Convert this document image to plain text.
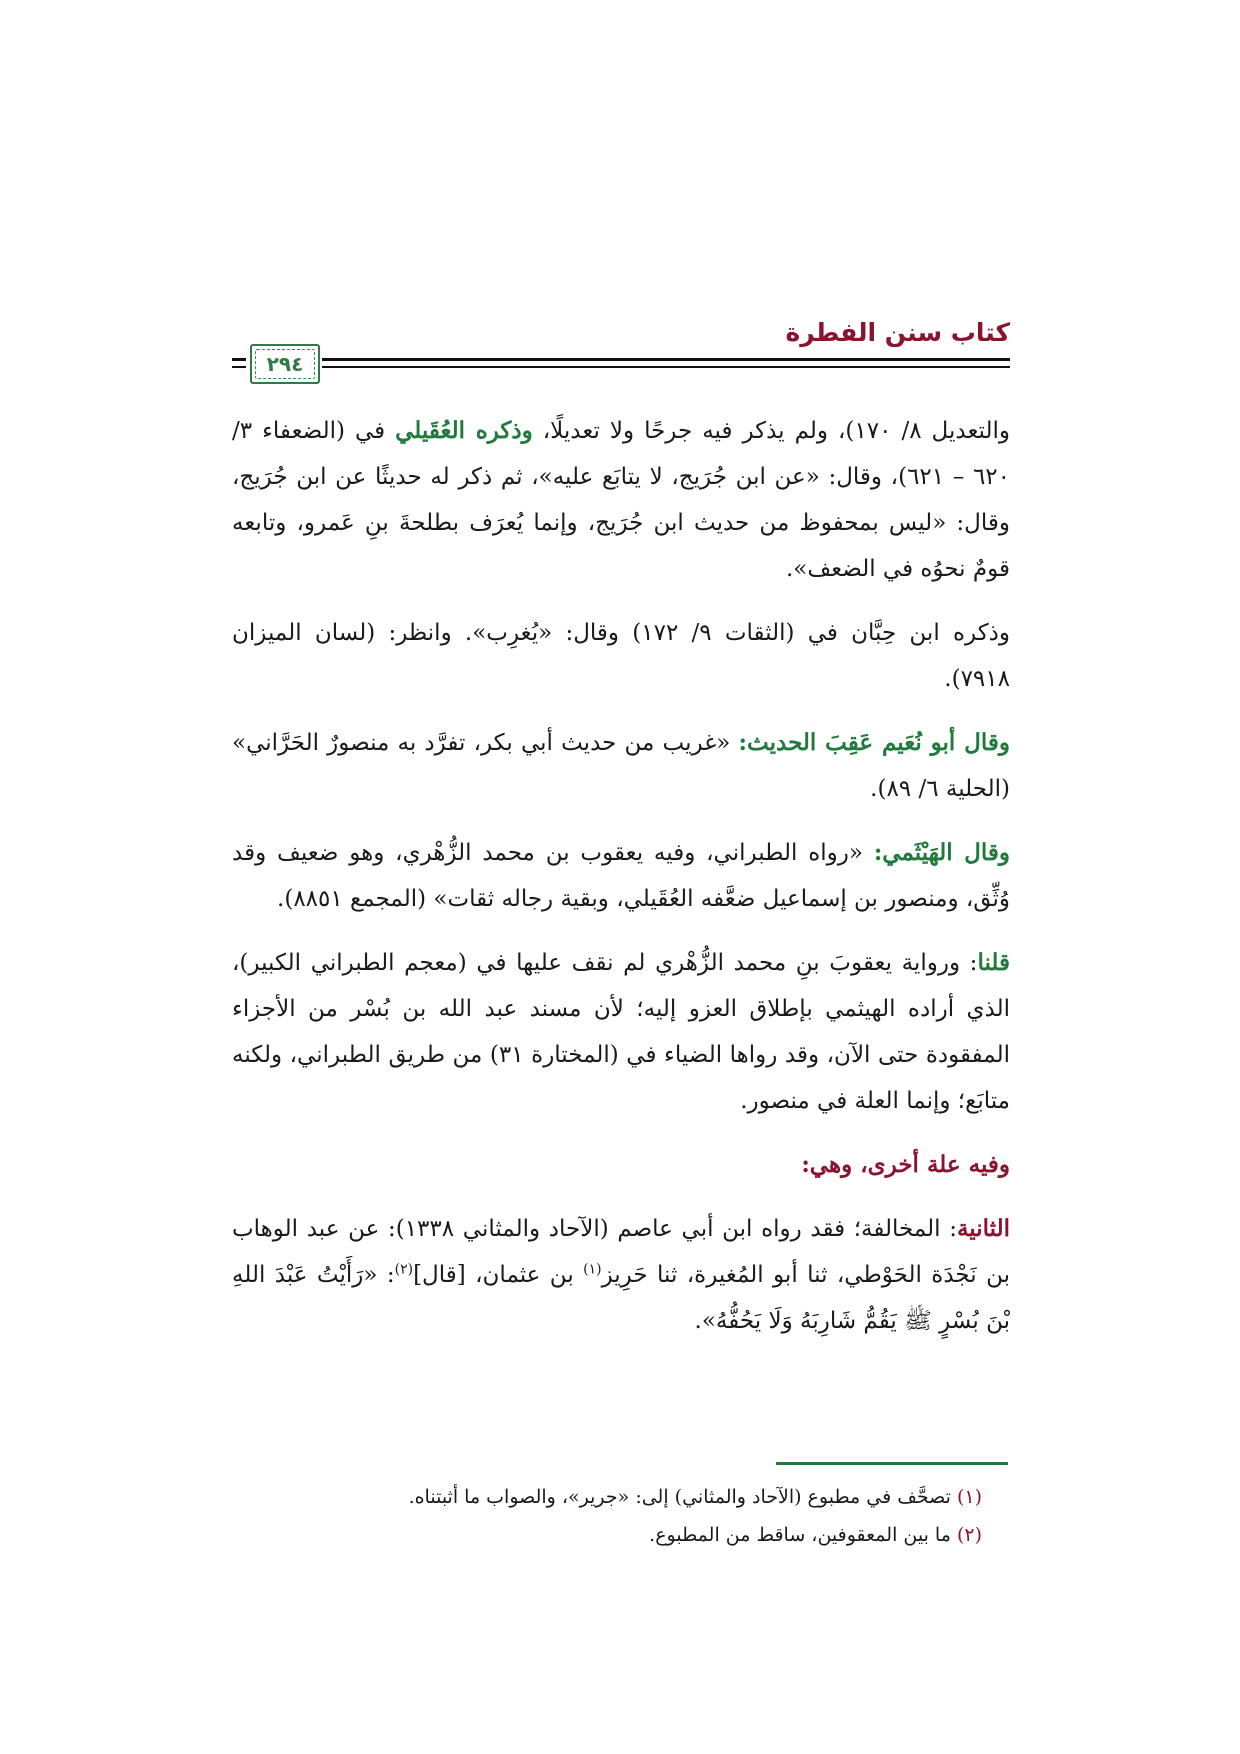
كتاب سنن الفطرة
٢٩٤

والتعديل ٨/ ١٧٠)، ولم يذكر فيه جرحًا ولا تعديلًا، وذكره العُقَيلي في (الضعفاء ٣/ ٦٢٠ – ٦٢١)، وقال: «عن ابن جُرَيج، لا يتابَع عليه»، ثم ذكر له حديثًا عن ابن جُرَيج، وقال: «ليس بمحفوظ من حديث ابن جُرَيج، وإنما يُعرَف بطلحةَ بنِ عَمرو، وتابعه قومٌ نحوُه في الضعف».

وذكره ابن حِبَّان في (الثقات ٩/ ١٧٢) وقال: «يُغرِب». وانظر: (لسان الميزان ٧٩١٨).

وقال أبو نُعَيم عَقِبَ الحديث: «غريب من حديث أبي بكر، تفرَّد به منصورٌ الحَرَّاني» (الحلية ٦/ ٨٩).

وقال الهَيْثَمي: «رواه الطبراني، وفيه يعقوب بن محمد الزُّهْري، وهو ضعيف وقد وُثِّق، ومنصور بن إسماعيل ضعَّفه العُقَيلي، وبقية رجاله ثقات» (المجمع ٨٨٥١).

قلنا: ورواية يعقوبَ بنِ محمد الزُّهْري لم نقف عليها في (معجم الطبراني الكبير)، الذي أراده الهيثمي بإطلاق العزو إليه؛ لأن مسند عبد الله بن بُسْر من الأجزاء المفقودة حتى الآن، وقد رواها الضياء في (المختارة ٣١) من طريق الطبراني، ولكنه متابَع؛ وإنما العلة في منصور.

وفيه علة أخرى، وهي:

الثانية: المخالفة؛ فقد رواه ابن أبي عاصم (الآحاد والمثاني ١٣٣٨): عن عبد الوهاب بن نَجْدَة الحَوْطي، ثنا أبو المُغيرة، ثنا حَرِيز$^{(١)}$ بن عثمان، [قال]$^{(٢)}$: «رَأَيْتُ عَبْدَ اللهِ بْنَ بُسْرٍ ﷺ يَقُمُّ شَارِبَهُ وَلَا يَحُفُّهُ».

(١) تصحَّف في مطبوع (الآحاد والمثاني) إلى: «جرير»، والصواب ما أثبتناه.
(٢) ما بين المعقوفين، ساقط من المطبوع.
